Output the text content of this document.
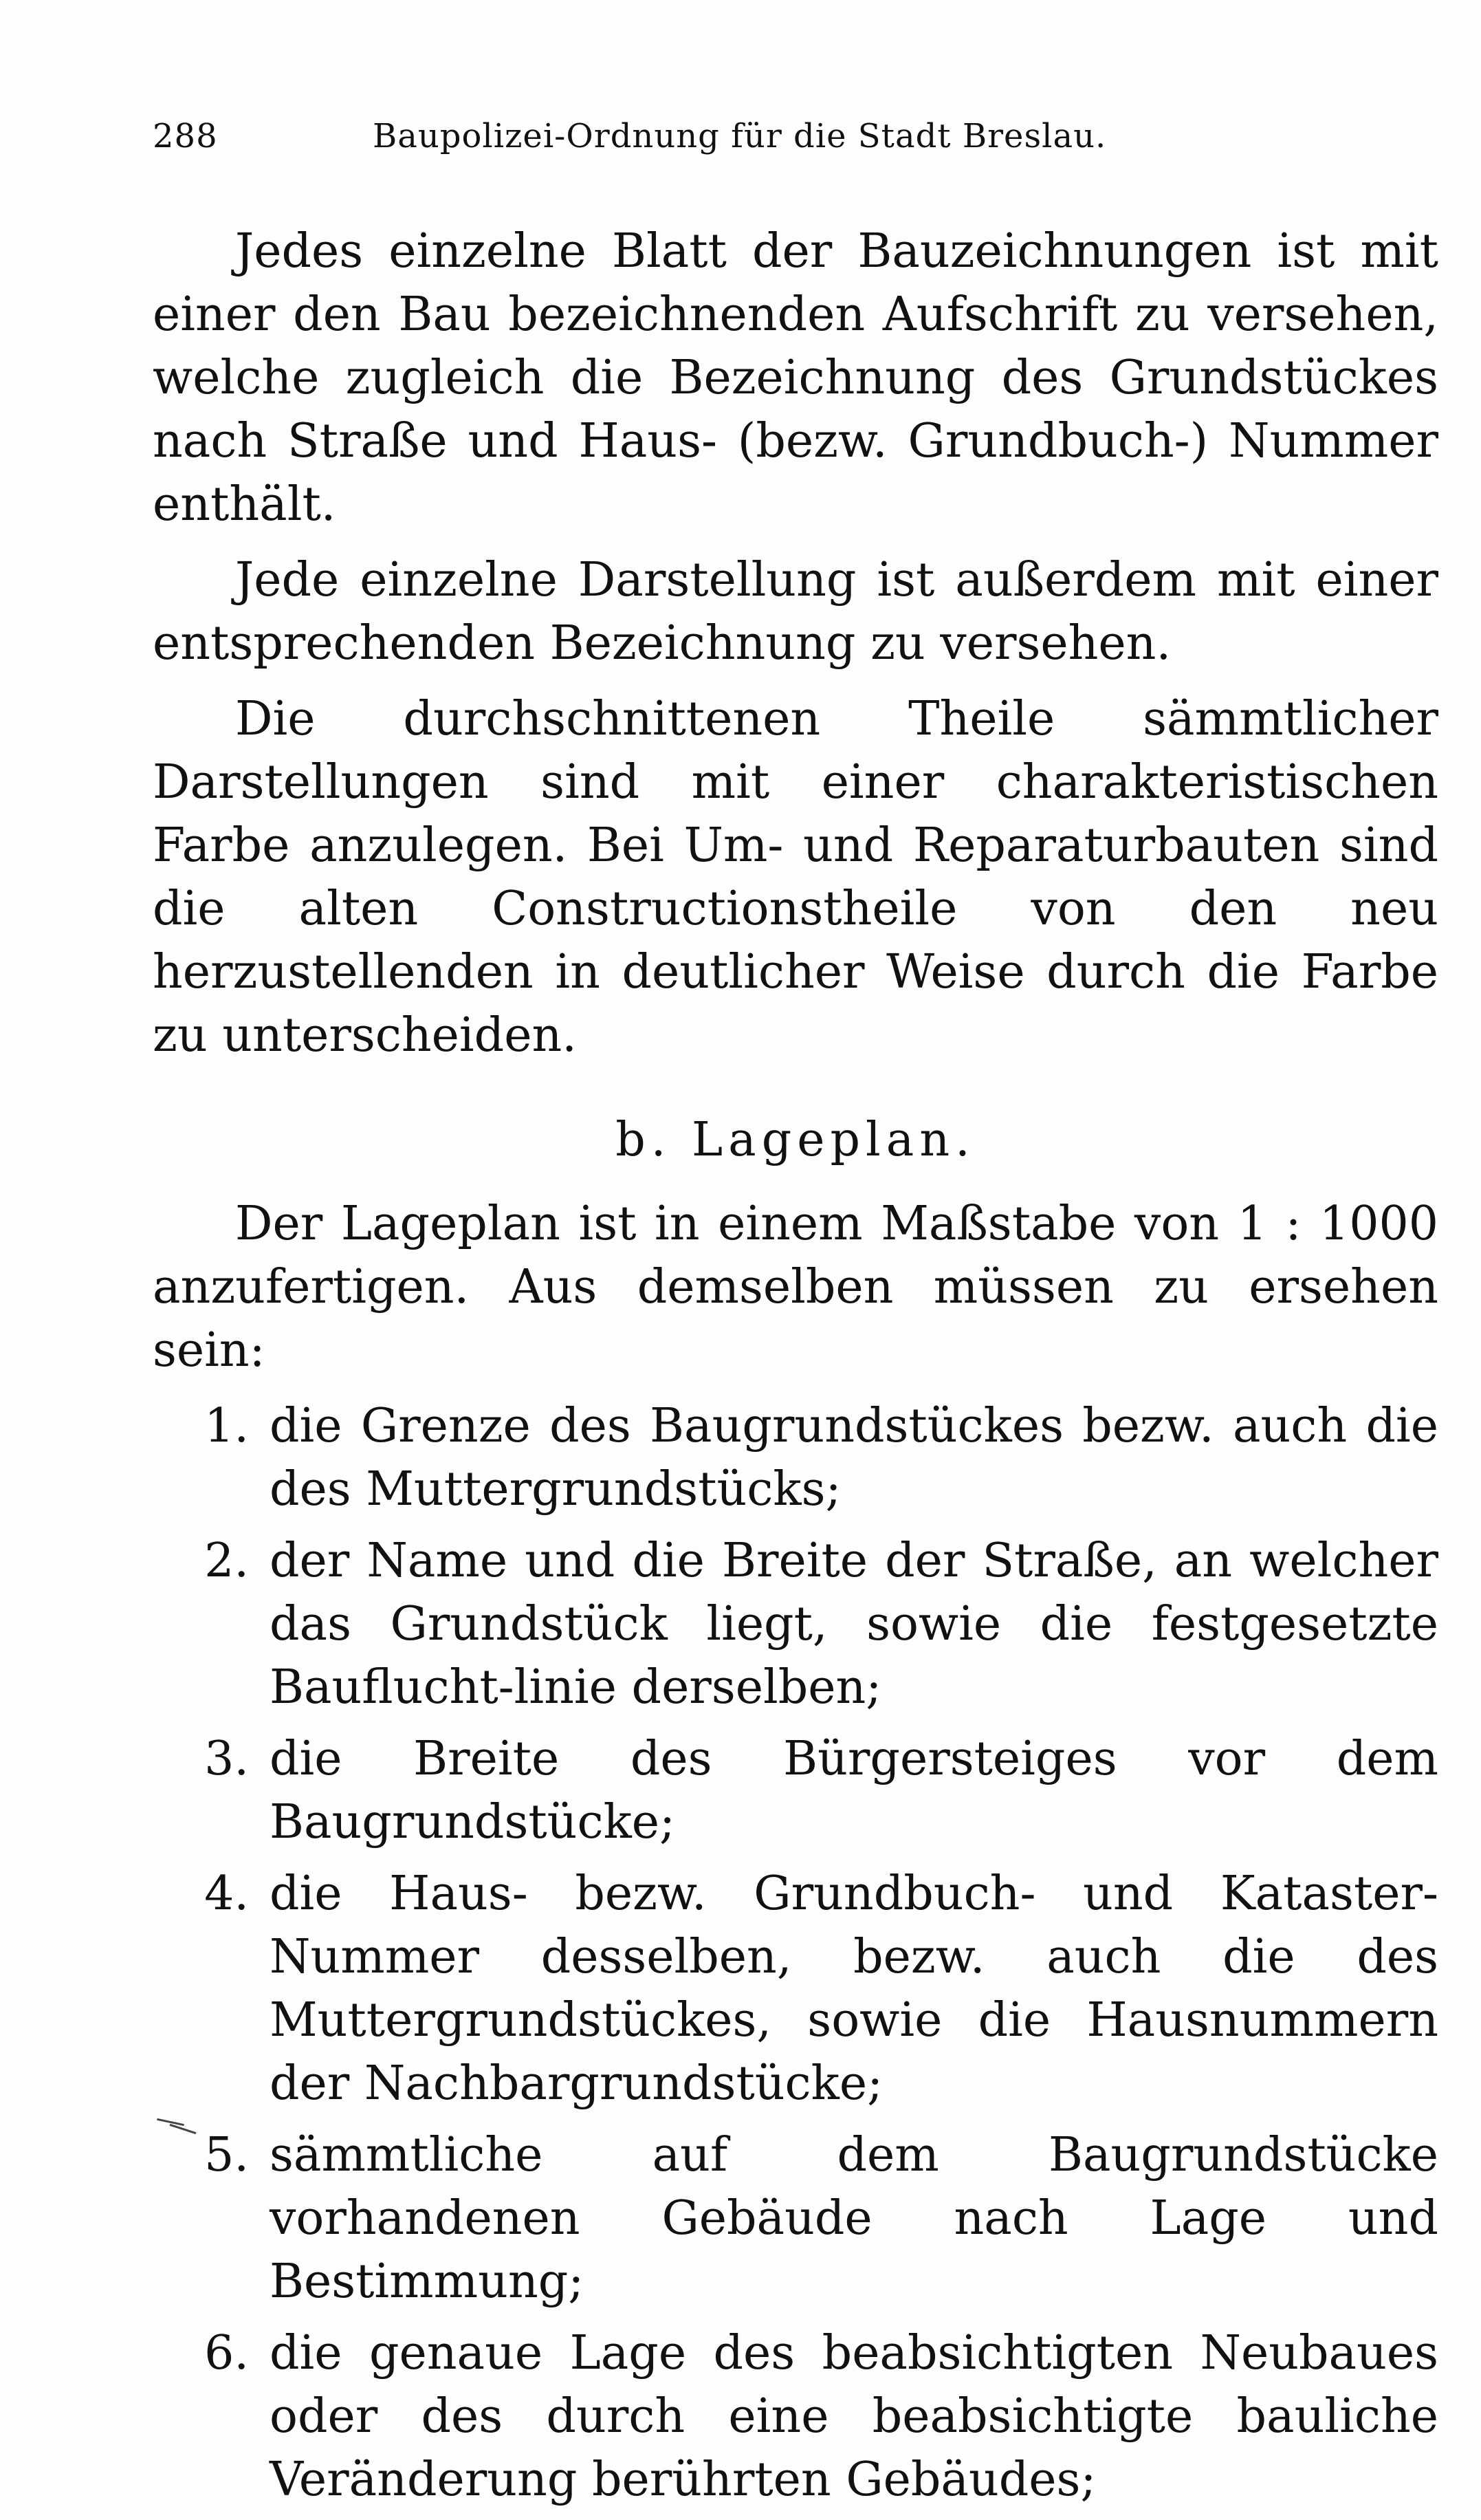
288	Baupolizei-Ordnung für die Stadt Breslau.

Jedes einzelne Blatt der Bauzeichnungen ist mit einer den Bau bezeichnenden Aufschrift zu versehen, welche zugleich die Bezeichnung des Grundstückes nach Straße und Haus- (bezw. Grundbuch-) Nummer enthält.

Jede einzelne Darstellung ist außerdem mit einer entsprechenden Bezeichnung zu versehen.

Die durchschnittenen Theile sämmtlicher Darstellungen sind mit einer charakteristischen Farbe anzulegen. Bei Um- und Reparaturbauten sind die alten Constructionstheile von den neu herzustellenden in deutlicher Weise durch die Farbe zu unterscheiden.

b. Lageplan.

Der Lageplan ist in einem Maßstabe von 1 : 1000 anzufertigen. Aus demselben müssen zu ersehen sein:

1. die Grenze des Baugrundstückes bezw. auch die des Muttergrundstücks;
2. der Name und die Breite der Straße, an welcher das Grundstück liegt, sowie die festgesetzte Bauflucht-linie derselben;
3. die Breite des Bürgersteiges vor dem Baugrundstücke;
4. die Haus- bezw. Grundbuch- und Kataster-Nummer desselben, bezw. auch die des Muttergrundstückes, sowie die Hausnummern der Nachbargrundstücke;
5. sämmtliche auf dem Baugrundstücke vorhandenen Gebäude nach Lage und Bestimmung;
6. die genaue Lage des beabsichtigten Neubaues oder des durch eine beabsichtigte bauliche Veränderung berührten Gebäudes;
